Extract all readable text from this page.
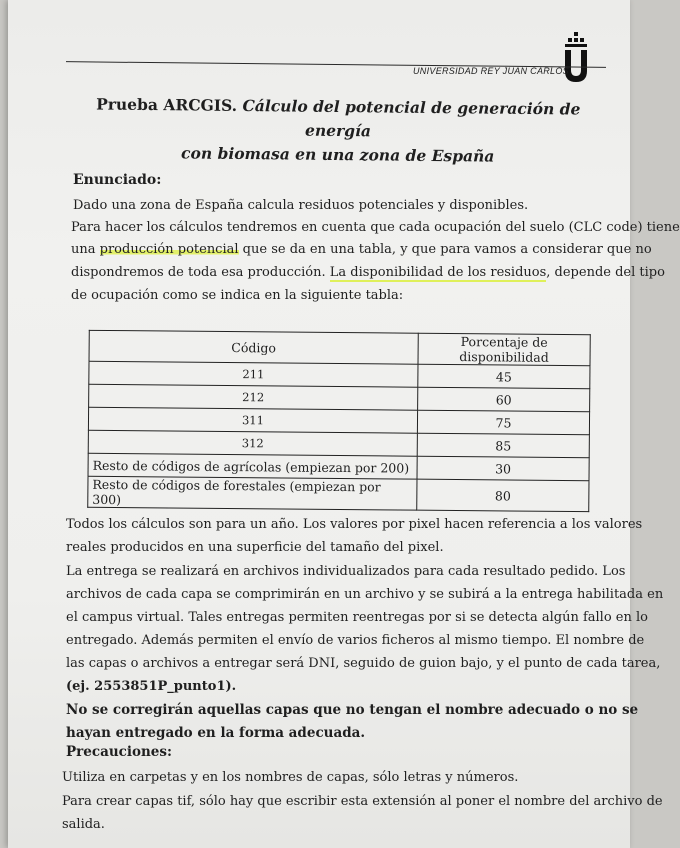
UNIVERSIDAD REY JUAN CARLOS
Prueba ARCGIS. Cálculo del potencial de generación de energía
con biomasa en una zona de España
Enunciado:
Dado una zona de España calcula residuos potenciales y disponibles.
Para hacer los cálculos tendremos en cuenta que cada ocupación del suelo (CLC code) tiene
una producción potencial que se da en una tabla, y que para vamos a considerar que no
dispondremos de toda esa producción. La disponibilidad de los residuos, depende del tipo
de ocupación como se indica en la siguiente tabla:
Código	Porcentaje de disponibilidad
211	45
212	60
311	75
312	85
Resto de códigos de agrícolas (empiezan por 200)	30
Resto de códigos de forestales (empiezan por 300)	80
Todos los cálculos son para un año. Los valores por pixel hacen referencia a los valores
reales producidos en una superficie del tamaño del pixel.
La entrega se realizará en archivos individualizados para cada resultado pedido. Los
archivos de cada capa se comprimirán en un archivo y se subirá a la entrega habilitada en
el campus virtual. Tales entregas permiten reentregas por si se detecta algún fallo en lo
entregado. Además permiten el envío de varios ficheros al mismo tiempo. El nombre de
las capas o archivos a entregar será DNI, seguido de guion bajo, y el punto de cada tarea,
(ej. 2553851P_punto1).
No se corregirán aquellas capas que no tengan el nombre adecuado o no se
hayan entregado en la forma adecuada.
Precauciones:
Utiliza en carpetas y en los nombres de capas, sólo letras y números.
Para crear capas tif, sólo hay que escribir esta extensión al poner el nombre del archivo de
salida.
